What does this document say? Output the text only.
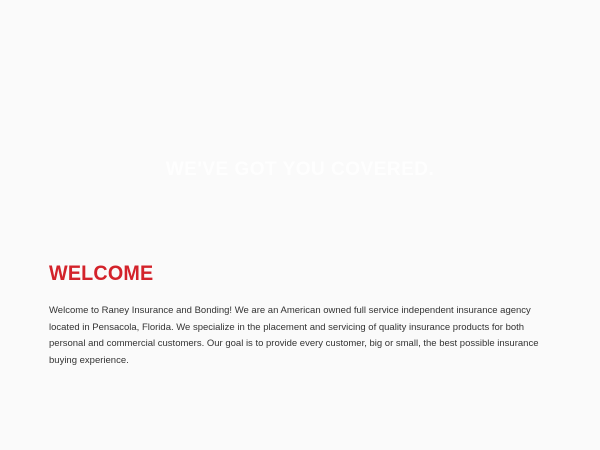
WE'VE GOT YOU COVERED.
WELCOME

Welcome to Raney Insurance and Bonding! We are an American owned full service independent insurance agency located in Pensacola, Florida. We specialize in the placement and servicing of quality insurance products for both personal and commercial customers. Our goal is to provide every customer, big or small, the best possible insurance buying experience.
